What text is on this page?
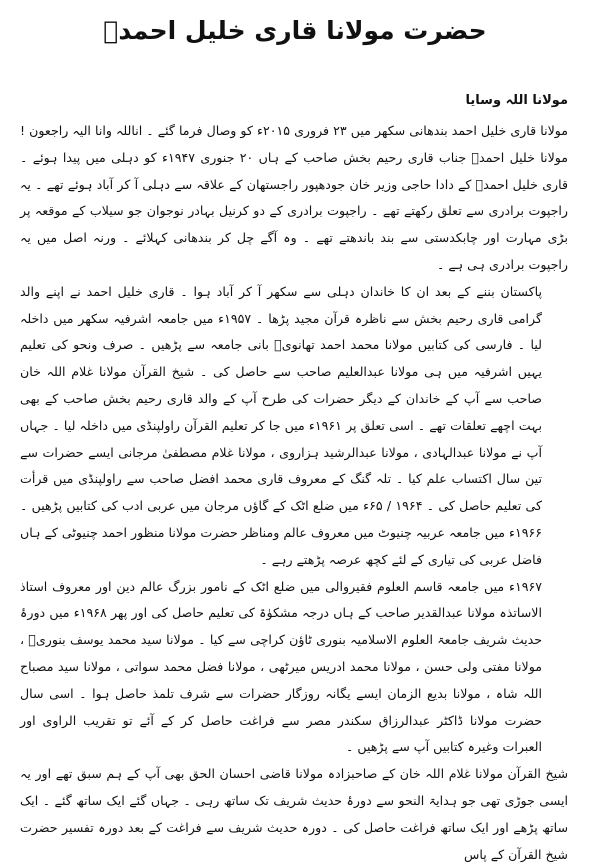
حضرت مولانا قاری خلیل احمدؒ
مولانا اللہ وسایا

مولانا قاری خلیل احمد بندھانی سکھر میں ۲۳ فروری ۲۰۱۵ء کو وصال فرما گئے ۔ اناللہ وانا الیہ راجعون ! مولانا خلیل احمدؒ جناب قاری رحیم بخش صاحب کے ہاں ۲۰ جنوری ۱۹۴۷ء کو دہلی میں پیدا ہوئے ۔ قاری خلیل احمدؒ کے دادا حاجی وزیر خان جودھپور راجستھان کے علاقہ سے دہلی آ کر آباد ہوئے تھے ۔ یہ راجپوت برادری سے تعلق رکھتے تھے ۔ راجپوت برادری کے دو کرنیل بہادر نوجوان جو سیلاب کے موقعہ پر بڑی مہارت اور چابکدستی سے بند باندھتے تھے ۔ وہ آگے چل کر بندھانی کہلائے ۔ ورنہ اصل میں یہ راجپوت برادری ہی ہے ۔

پاکستان بننے کے بعد ان کا خاندان دہلی سے سکھر آ کر آباد ہوا ۔ قاری خلیل احمد نے اپنے والد گرامی قاری رحیم بخش سے ناظرہ قرآن مجید پڑھا ۔ ۱۹۵۷ء میں جامعہ اشرفیہ سکھر میں داخلہ لیا ۔ فارسی کی کتابیں مولانا محمد احمد تھانویؒ بانی جامعہ سے پڑھیں ۔ صرف ونحو کی تعلیم یہیں اشرفیہ میں ہی مولانا عبدالعلیم صاحب سے حاصل کی ۔ شیخ القرآن مولانا غلام اللہ خان صاحب سے آپ کے خاندان کے دیگر حضرات کی طرح آپ کے والد قاری رحیم بخش صاحب کے بھی بہت اچھے تعلقات تھے ۔ اسی تعلق پر ۱۹۶۱ء میں جا کر تعلیم القرآن راولپنڈی میں داخلہ لیا ۔ جہاں آپ نے مولانا عبدالہادی ، مولانا عبدالرشید ہزاروی ، مولانا غلام مصطفیٰ مرجانی ایسے حضرات سے تین سال اکتساب علم کیا ۔ تلہ گنگ کے معروف قاری محمد افضل صاحب سے راولپنڈی میں قرأت کی تعلیم حاصل کی ۔ ۱۹۶۴ / ۶۵ء میں ضلع اٹک کے گاؤں مرجان میں عربی ادب کی کتابیں پڑھیں ۔ ۱۹۶۶ء میں جامعہ عربیہ چنیوٹ میں معروف عالم ومناظر حضرت مولانا منظور احمد چنیوٹی کے ہاں فاضل عربی کی تیاری کے لئے کچھ عرصہ پڑھتے رہے ۔

۱۹۶۷ء میں جامعہ قاسم العلوم فقیروالی میں ضلع اٹک کے نامور بزرگ عالم دین اور معروف استاذ الاساتذہ مولانا عبدالقدیر صاحب کے ہاں درجہ مشکوٰۃ کی تعلیم حاصل کی اور پھر ۱۹۶۸ء میں دورۂ حدیث شریف جامعۃ العلوم الاسلامیہ بنوری ٹاؤن کراچی سے کیا ۔ مولانا سید محمد یوسف بنوریؒ ، مولانا مفتی ولی حسن ، مولانا محمد ادریس میرٹھی ، مولانا فضل محمد سواتی ، مولانا سید مصباح اللہ شاہ ، مولانا بدیع الزمان ایسے یگانہ روزگار حضرات سے شرف تلمذ حاصل ہوا ۔ اسی سال حضرت مولانا ڈاکٹر عبدالرزاق سکندر مصر سے فراغت حاصل کر کے آئے تو تقریب الراوی اور العبرات وغیرہ کتابیں آپ سے پڑھیں ۔

شیخ القرآن مولانا غلام اللہ خان کے صاحبزادہ مولانا قاضی احسان الحق بھی آپ کے ہم سبق تھے اور یہ ایسی جوڑی تھی جو ہدایۃ النحو سے دورۂ حدیث شریف تک ساتھ رہی ۔ جہاں گئے ایک ساتھ گئے ۔ ایک ساتھ پڑھے اور ایک ساتھ فراغت حاصل کی ۔ دورہ حدیث شریف سے فراغت کے بعد دورہ تفسیر حضرت شیخ القرآن کے پاس
